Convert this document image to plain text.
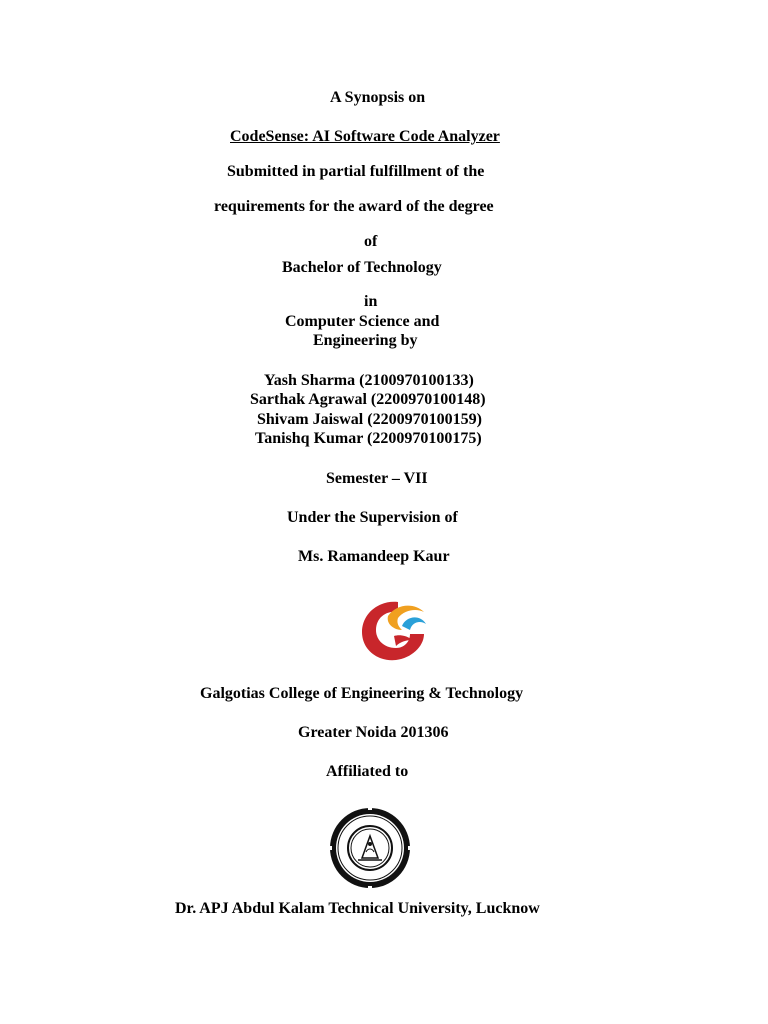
A Synopsis on
CodeSense: AI Software Code Analyzer
Submitted in partial fulfillment of the
requirements for the award of the degree
of
Bachelor of Technology
in
Computer Science and
Engineering by
Yash Sharma (2100970100133)
Sarthak Agrawal (2200970100148)
Shivam Jaiswal (2200970100159)
Tanishq Kumar (2200970100175)
Semester – VII
Under the Supervision of
Ms. Ramandeep Kaur
Galgotias College of Engineering & Technology
Greater Noida 201306
Affiliated to
Dr. APJ Abdul Kalam Technical University, Lucknow
